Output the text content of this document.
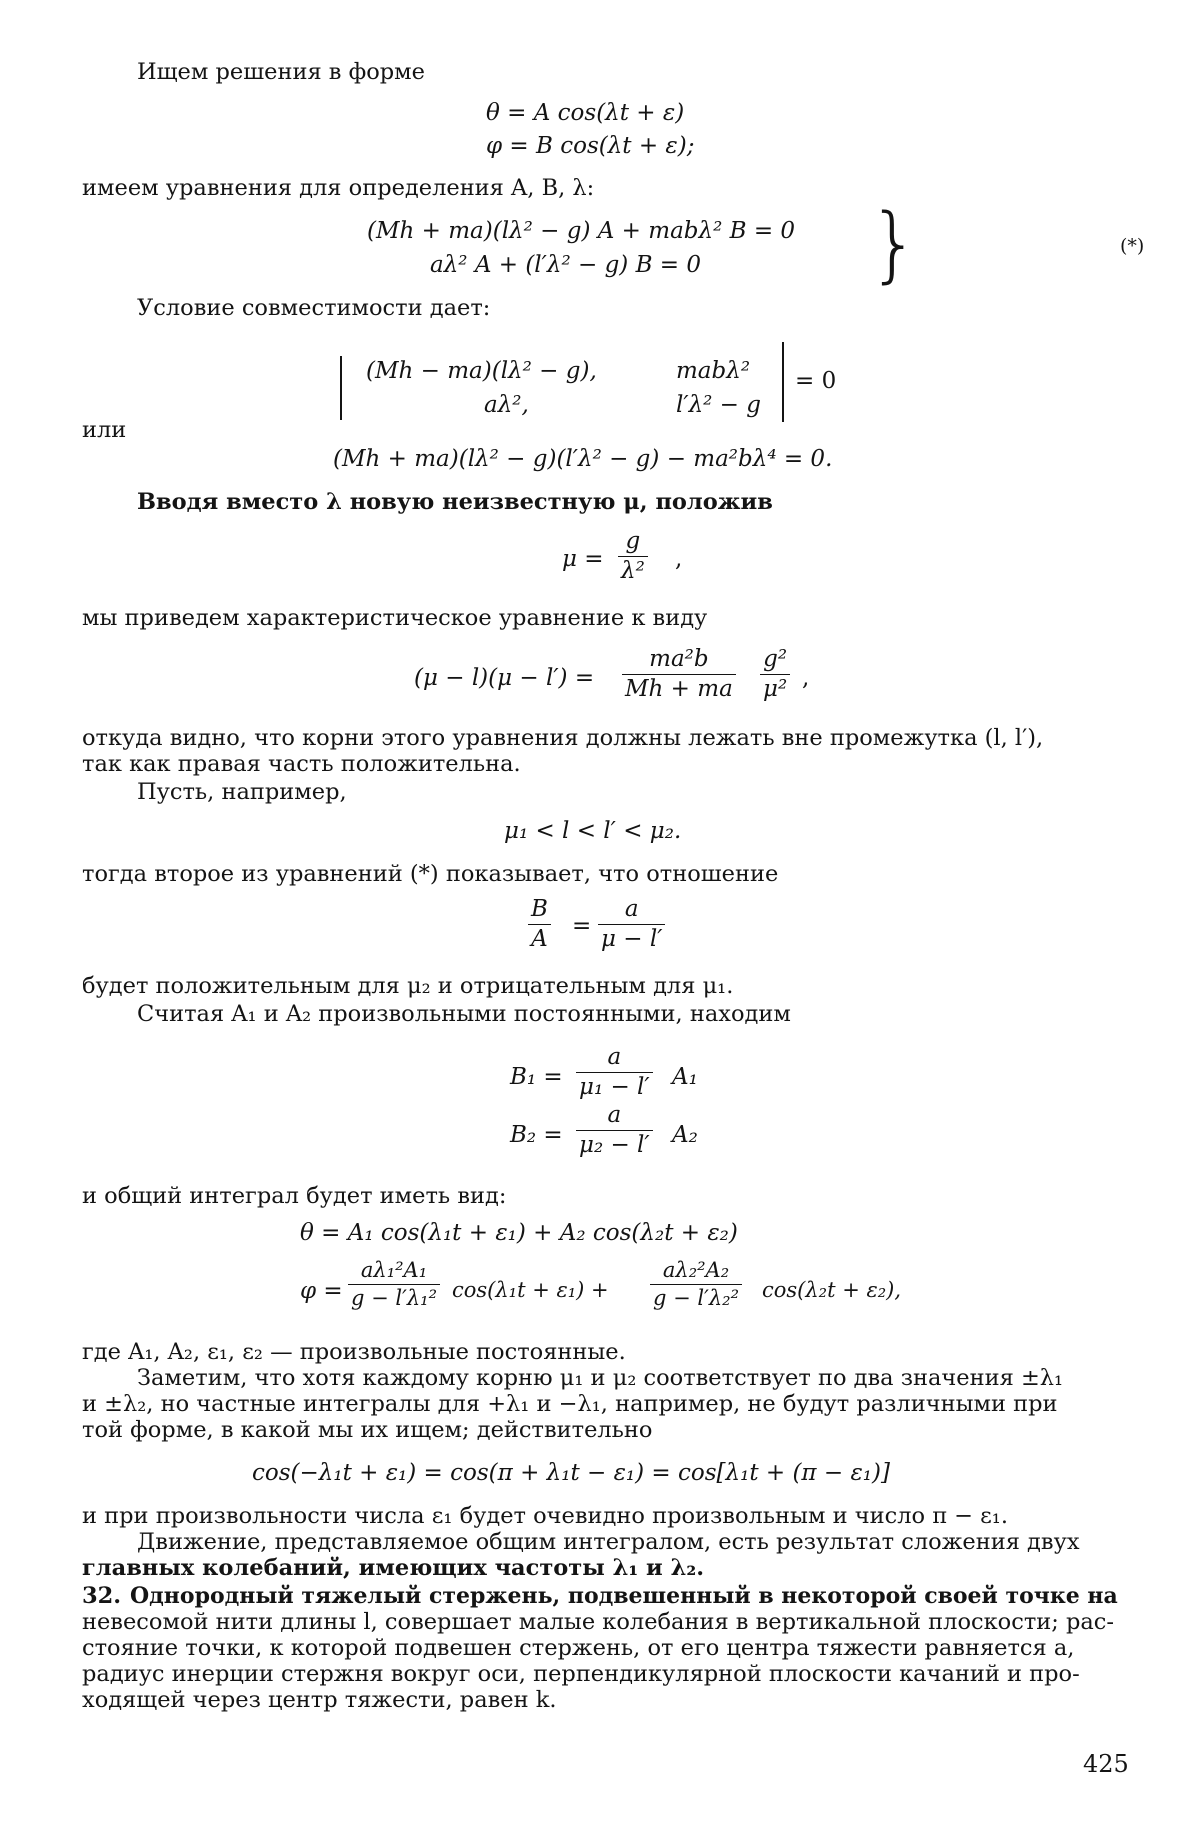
Ищем решения в форме
θ = A cos(λt + ε)
φ = B cos(λt + ε);
имеем уравнения для определения A, B, λ:
(Mh + ma)(lλ² − g) A + mabλ² B = 0
aλ² A + (l′λ² − g) B = 0 }	(*)
Условие совместимости дает:
(Mh − ma)(lλ² − g),	mabλ²
aλ²,	l′λ² − g
= 0
или
(Mh + ma)(lλ² − g)(l′λ² − g) − ma²bλ⁴ = 0.
Вводя вместо λ новую неизвестную μ, положив
$\mu = \frac{g}{\text{λ²}}$ ,
мы приведем характеристическое уравнение к виду
$(\mu - l)(\mu - l') = \frac{\text{ma²b}}{Mh + ma} \frac{\text{g²}}{\text{μ²}}$ ,
откуда видно, что корни этого уравнения должны лежать вне промежутка (l, l′),
так как правая часть положительна.
Пусть, например,
μ₁ < l < l′ < μ₂.
тогда второе из уравнений (*) показывает, что отношение
$\frac{B}{A} = \frac{a}{\mu - l'}$
будет положительным для μ₂ и отрицательным для μ₁.
Считая A₁ и A₂ произвольными постоянными, находим
$B_1 = \frac{a}{\text{μ₁ − l′}} A_1$
$B_2 = \frac{a}{\text{μ₂ − l′}} A_2$
и общий интеграл будет иметь вид:
θ = A₁ cos(λ₁t + ε₁) + A₂ cos(λ₂t + ε₂)
$\varphi = \frac{\text{aλ₁²A₁}}{\text{g − l′λ₁²}} \cos(\lambda_1t + \varepsilon_1) + \frac{\text{aλ₂²A₂}}{\text{g − l′λ₂²}} \cos(\lambda_2t + \varepsilon_2)$,
где A₁, A₂, ε₁, ε₂ — произвольные постоянные.
Заметим, что хотя каждому корню μ₁ и μ₂ соответствует по два значения ±λ₁
и ±λ₂, но частные интегралы для +λ₁ и −λ₁, например, не будут различными при
той форме, в какой мы их ищем; действительно
cos(−λ₁t + ε₁) = cos(π + λ₁t − ε₁) = cos[λ₁t + (π − ε₁)]
и при произвольности числа ε₁ будет очевидно произвольным и число π − ε₁.
Движение, представляемое общим интегралом, есть результат сложения двух
главных колебаний, имеющих частоты λ₁ и λ₂.
32. Однородный тяжелый стержень, подвешенный в некоторой своей точке на
невесомой нити длины l, совершает малые колебания в вертикальной плоскости; рас-
стояние точки, к которой подвешен стержень, от его центра тяжести равняется a,
радиус инерции стержня вокруг оси, перпендикулярной плоскости качаний и про-
ходящей через центр тяжести, равен k.
425
